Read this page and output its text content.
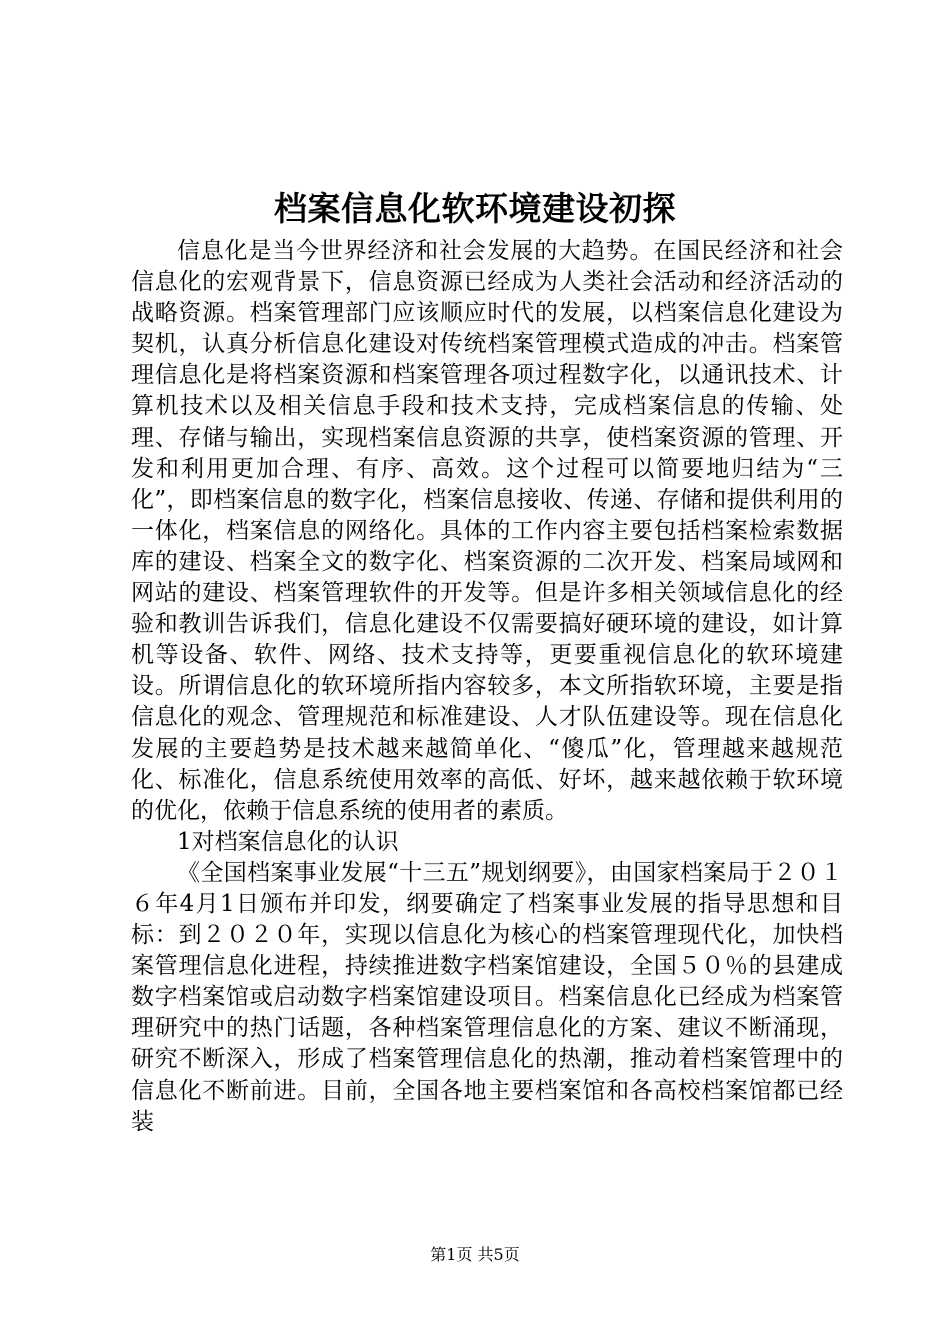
档案信息化软环境建设初探

信息化是当今世界经济和社会发展的大趋势。在国民经济和社会信息化的宏观背景下，信息资源已经成为人类社会活动和经济活动的战略资源。档案管理部门应该顺应时代的发展，以档案信息化建设为契机，认真分析信息化建设对传统档案管理模式造成的冲击。档案管理信息化是将档案资源和档案管理各项过程数字化，以通讯技术、计算机技术以及相关信息手段和技术支持，完成档案信息的传输、处理、存储与输出，实现档案信息资源的共享，使档案资源的管理、开发和利用更加合理、有序、高效。这个过程可以简要地归结为“三化”，即档案信息的数字化，档案信息接收、传递、存储和提供利用的一体化，档案信息的网络化。具体的工作内容主要包括档案检索数据库的建设、档案全文的数字化、档案资源的二次开发、档案局域网和网站的建设、档案管理软件的开发等。但是许多相关领域信息化的经验和教训告诉我们，信息化建设不仅需要搞好硬环境的建设，如计算机等设备、软件、网络、技术支持等，更要重视信息化的软环境建设。所谓信息化的软环境所指内容较多，本文所指软环境，主要是指信息化的观念、管理规范和标准建设、人才队伍建设等。现在信息化发展的主要趋势是技术越来越简单化、“傻瓜”化，管理越来越规范化、标准化，信息系统使用效率的高低、好坏，越来越依赖于软环境的优化，依赖于信息系统的使用者的素质。

1对档案信息化的认识

《全国档案事业发展“十三五”规划纲要》，由国家档案局于２０１６年4月1日颁布并印发，纲要确定了档案事业发展的指导思想和目标：到２０２０年，实现以信息化为核心的档案管理现代化，加快档案管理信息化进程，持续推进数字档案馆建设，全国５０％的县建成数字档案馆或启动数字档案馆建设项目。档案信息化已经成为档案管理研究中的热门话题，各种档案管理信息化的方案、建议不断涌现，研究不断深入，形成了档案管理信息化的热潮，推动着档案管理中的信息化不断前进。目前，全国各地主要档案馆和各高校档案馆都已经装

第1页 共5页
